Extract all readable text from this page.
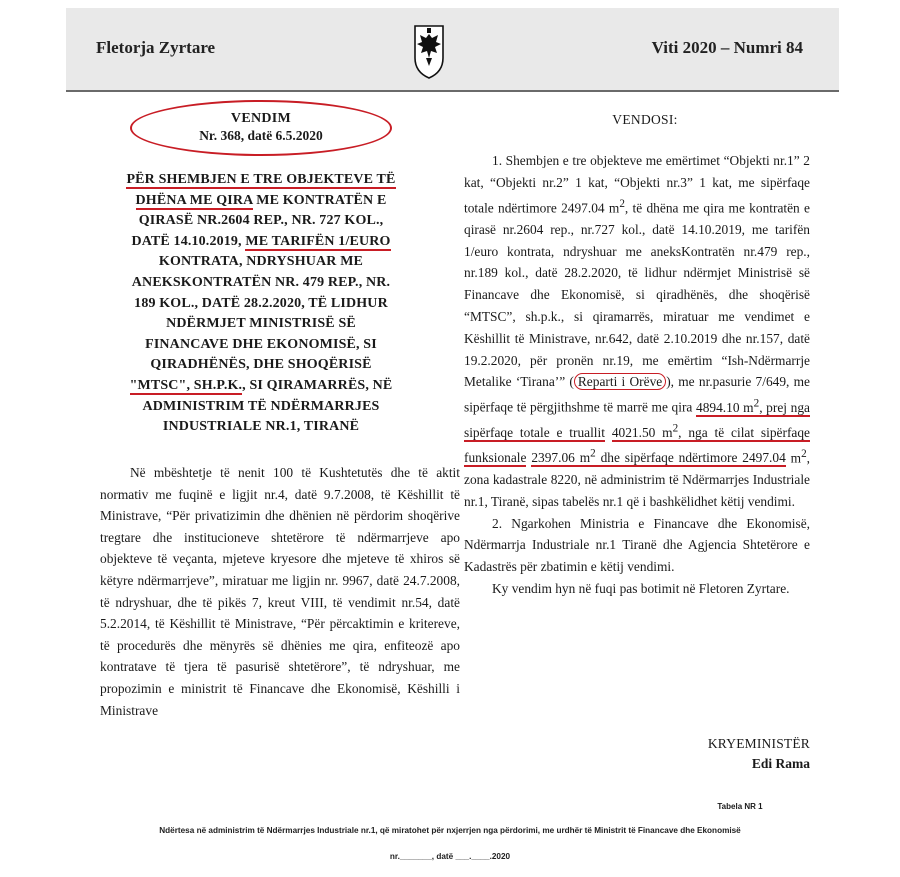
Fletorja Zyrtare	Viti 2020 – Numri 84
VENDIM
Nr. 368, datë 6.5.2020
PËR SHEMBJEN E TRE OBJEKTEVE TË
DHËNA ME QIRA ME KONTRATËN E
QIRASË NR.2604 REP., NR. 727 KOL.,
DATË 14.10.2019, ME TARIFËN 1/EURO
KONTRATA, NDRYSHUAR ME
ANEKSKONTRATËN NR. 479 REP., NR.
189 KOL., DATË 28.2.2020, TË LIDHUR
NDËRMJET MINISTRISË SË
FINANCAVE DHE EKONOMISË, SI
QIRADHËNËS, DHE SHOQËRISË
"MTSC", SH.P.K., SI QIRAMARRËS, NË
ADMINISTRIM TË NDËRMARRJES
INDUSTRIALE NR.1, TIRANË
Në mbështetje të nenit 100 të Kushtetutës dhe të aktit normativ me fuqinë e ligjit nr.4, datë 9.7.2008, të Këshillit të Ministrave, “Për privatizimin dhe dhënien në përdorim shoqërive tregtare dhe institucioneve shtetërore të ndërmarrjeve apo objekteve të veçanta, mjeteve kryesore dhe mjeteve të xhiros së këtyre ndërmarrjeve”, miratuar me ligjin nr. 9967, datë 24.7.2008, të ndryshuar, dhe të pikës 7, kreut VIII, të vendimit nr.54, datë 5.2.2014, të Këshillit të Ministrave, “Për përcaktimin e kritereve, të procedurës dhe mënyrës së dhënies me qira, enfiteozë apo kontratave të tjera të pasurisë shtetërore”, të ndryshuar, me propozimin e ministrit të Financave dhe Ekonomisë, Këshilli i Ministrave
VENDOSI:

1. Shembjen e tre objekteve me emërtimet “Objekti nr.1” 2 kat, “Objekti nr.2” 1 kat, “Objekti nr.3” 1 kat, me sipërfaqe totale ndërtimore 2497.04 $m^2$, të dhëna me qira me kontratën e qirasë nr.2604 rep., nr.727 kol., datë 14.10.2019, me tarifën 1/euro kontrata, ndryshuar me aneksKontratën nr.479 rep., nr.189 kol., datë 28.2.2020, të lidhur ndërmjet Ministrisë së Financave dhe Ekonomisë, si qiradhënës, dhe shoqërisë “MTSC”, sh.p.k., si qiramarrës, miratuar me vendimet e Këshillit të Ministrave, nr.642, datë 2.10.2019 dhe nr.157, datë 19.2.2020, për pronën nr.19, me emërtim “Ish-Ndërmarrje Metalike ‘Tirana’” ( Reparti i Orëve ), me nr.pasurie 7/649, me sipërfaqe të përgjithshme të marrë me qira 4894.10 $m^2$, prej nga sipërfaqe totale e truallit 4021.50 $m^2$, nga të cilat sipërfaqe funksionale 2397.06 $m^2$ dhe sipërfaqe ndërtimore 2497.04 $m^2$, zona kadastrale 8220, në administrim të Ndërmarrjes Industriale nr.1, Tiranë, sipas tabelës nr.1 që i bashkëlidhet këtij vendimi.

2. Ngarkohen Ministria e Financave dhe Ekonomisë, Ndërmarrja Industriale nr.1 Tiranë dhe Agjencia Shtetërore e Kadastrës për zbatimin e këtij vendimi.

Ky vendim hyn në fuqi pas botimit në Fletoren Zyrtare.

KRYEMINISTËR
Edi Rama
Tabela NR 1
Ndërtesa në administrim të Ndërmarrjes Industriale nr.1, që miratohet për nxjerrjen nga përdorimi, me urdhër të Ministrit të Financave dhe Ekonomisë
nr._______, datë ___.____.2020
